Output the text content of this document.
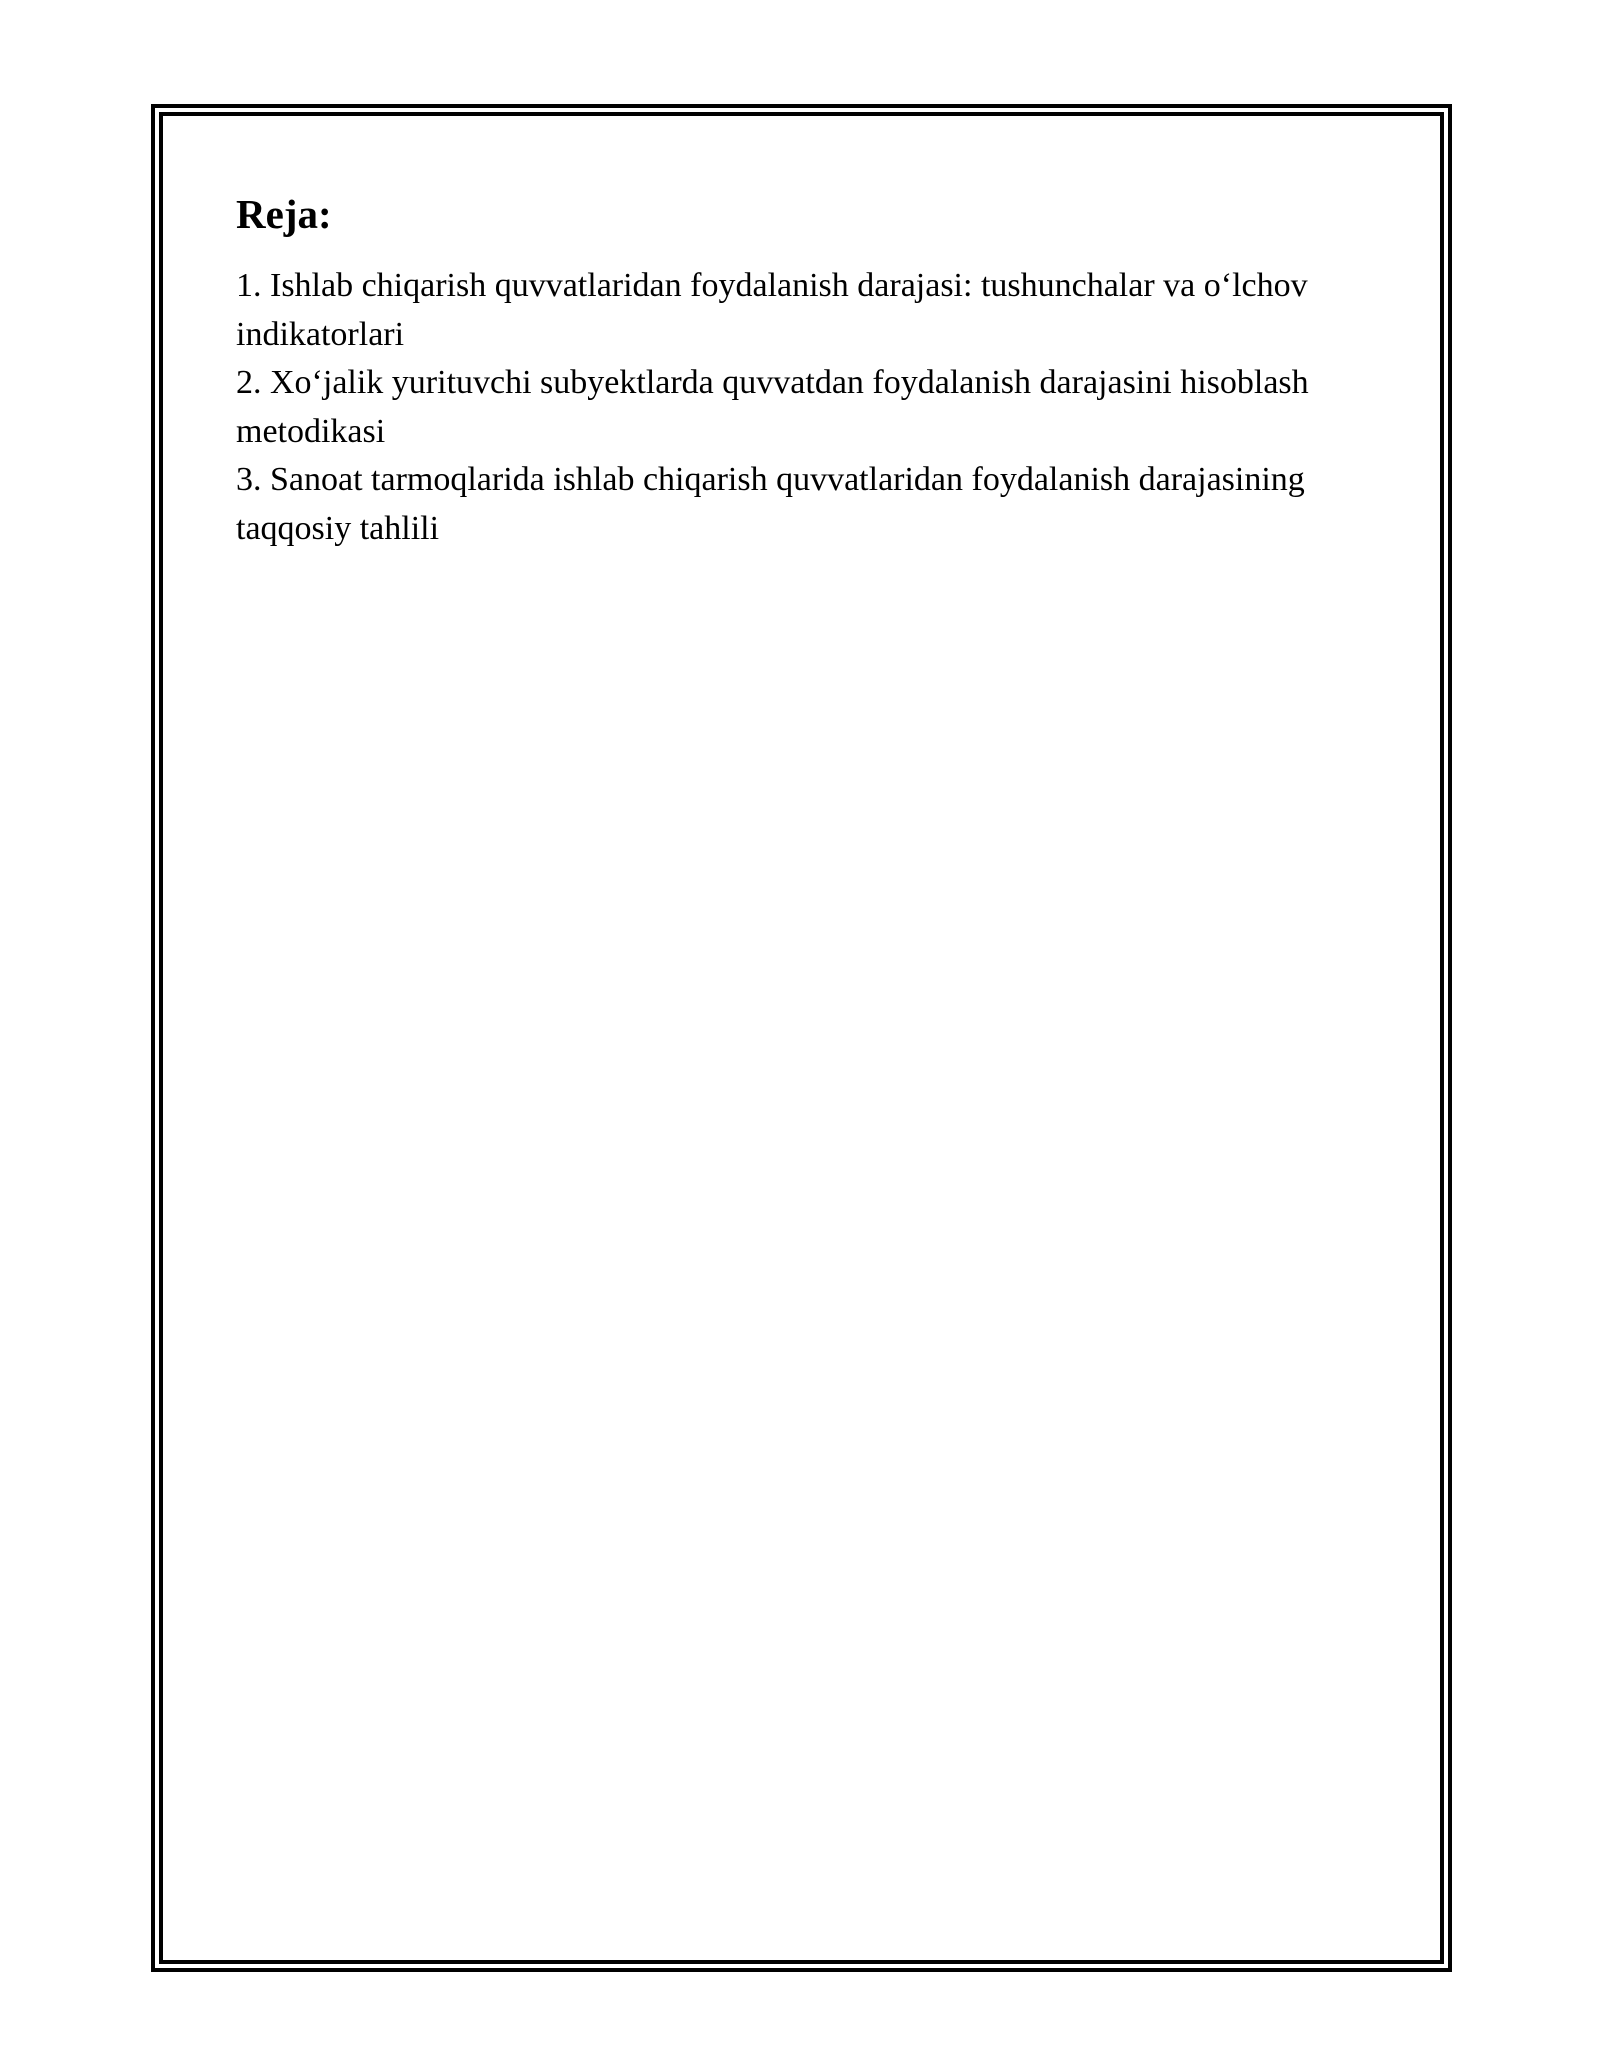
Reja:
1. Ishlab chiqarish quvvatlaridan foydalanish darajasi: tushunchalar va o‘lchov indikatorlari
2. Xo‘jalik yurituvchi subyektlarda quvvatdan foydalanish darajasini hisoblash metodikasi
3. Sanoat tarmoqlarida ishlab chiqarish quvvatlaridan foydalanish darajasining taqqosiy tahlili
